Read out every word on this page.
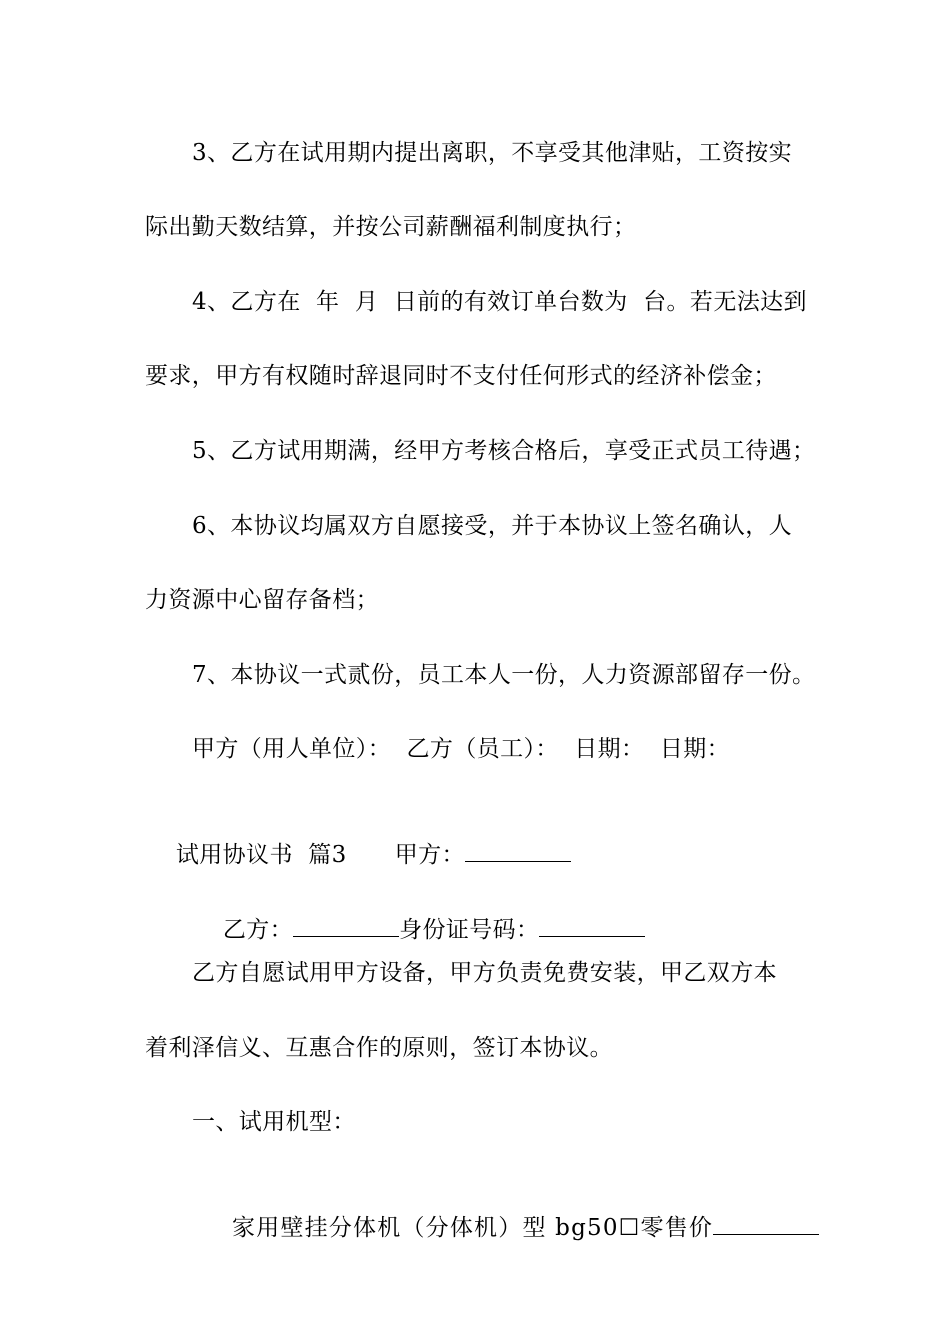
3、乙方在试用期内提出离职，不享受其他津贴，工资按实
际出勤天数结算，并按公司薪酬福利制度执行；
4、乙方在  年  月  日前的有效订单台数为  台。若无法达到
要求，甲方有权随时辞退同时不支付任何形式的经济补偿金；
5、乙方试用期满，经甲方考核合格后，享受正式员工待遇；
6、本协议均属双方自愿接受，并于本协议上签名确认，人
力资源中心留存备档；
7、本协议一式贰份，员工本人一份，人力资源部留存一份。
甲方（用人单位）：  乙方（员工）：  日期：  日期：

试用协议书  篇3 甲方：

乙方：	身份证号码：

乙方自愿试用甲方设备，甲方负责免费安装，甲乙双方本
着利泽信义、互惠合作的原则，签订本协议。
一、试用机型：

家用壁挂分体机（分体机）型 bg50☐零售价
